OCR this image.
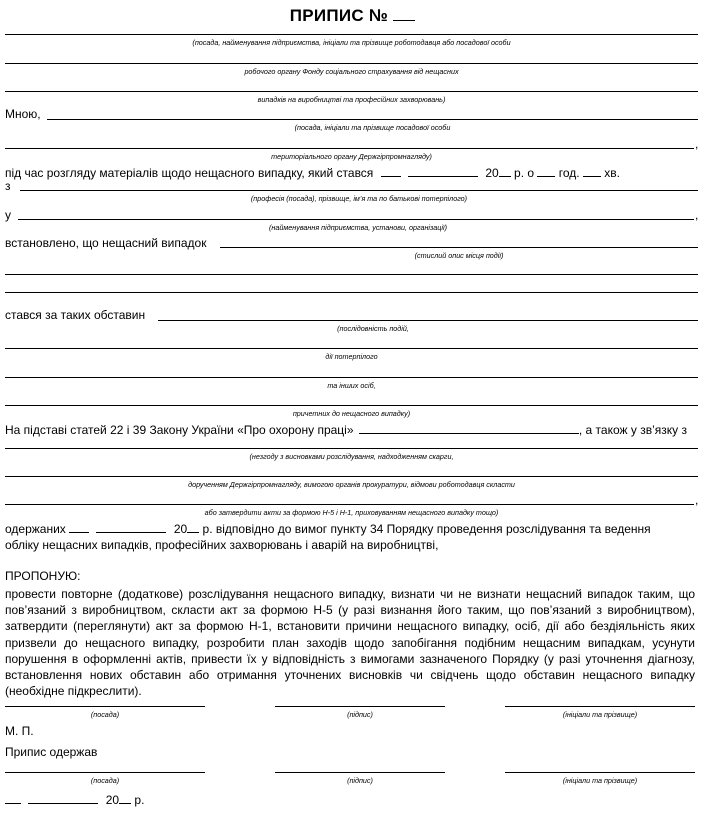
ПРИПИС №
(посада, найменування підприємства, ініціали та прізвище роботодавця або посадової особи
робочого органу Фонду соціального страхування від нещасних
випадків на виробництві та професійних захворювань)
Мною,
(посада, ініціали та прізвище посадової особи
,
територіального органу Держгірпромнагляду)
під час розгляду матеріалів щодо нещасного випадку, який стався	20 р. о год. хв.
з
(професія (посада), прізвище, ім’я та по батькові потерпілого)
у	,
(найменування підприємства, установи, організації)
встановлено, що нещасний випадок
(стислий опис місця події)
стався за таких обставин
(послідовність подій,
дії потерпілого
та інших осіб,
причетних до нещасного випадку)
На підставі статей 22 і 39 Закону України «Про охорону праці»	, а також у зв’язку з
(незгоду з висновками розслідування, надходженням скарги,
дорученням Держгірпромнагляду, вимогою органів прокуратури, відмови роботодавця скласти
,
або затвердити акти за формою Н-5 і Н-1, приховуванням нещасного випадку тощо)
одержаних	20 р. відповідно до вимог пункту 34 Порядку проведення розслідування та ведення
обліку нещасних випадків, професійних захворювань і аварій на виробництві,
ПРОПОНУЮ:
провести повторне (додаткове) розслідування нещасного випадку, визнати чи не визнати нещасний випадок таким, що пов’язаний з виробництвом, скласти акт за формою Н-5 (у разі визнання його таким, що пов’язаний з виробництвом), затвердити (переглянути) акт за формою Н-1, встановити причини нещасного випадку, осіб, дії або бездіяльність яких призвели до нещасного випадку, розробити план заходів щодо запобігання подібним нещасним випадкам, усунути порушення в оформленні актів, привести їх у відповідність з вимогами зазначеного Порядку (у разі уточнення діагнозу, встановлення нових обставин або отримання уточнених висновків чи свідчень щодо обставин нещасного випадку (необхідне підкреслити).
(посада)	(підпис)	(ініціали та прізвище)
М. П.
Припис одержав
(посада)	(підпис)	(ініціали та прізвище)
20 р.
